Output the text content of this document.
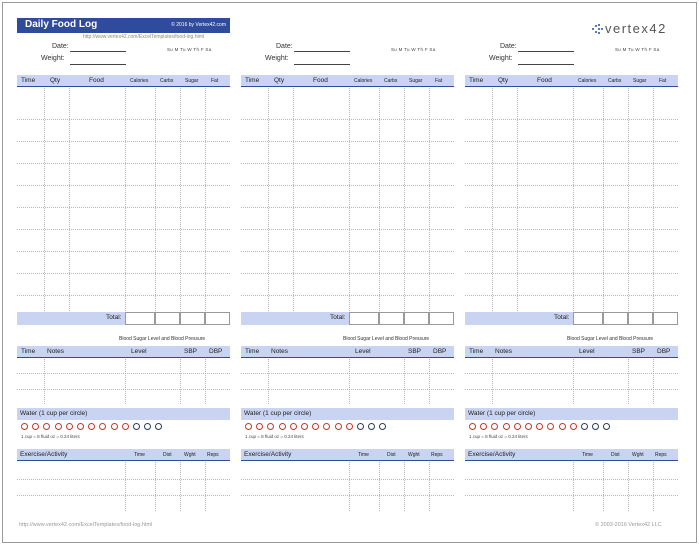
Daily Food Log	© 2016 by Vertex42.com
http://www.vertex42.com/ExcelTemplates/food-log.html
vertex42
Date:
Weight:
Su M Tu W Th F Sa
Time Qty	Food	Calories Carbs Sugar	Fat
Total:
Blood Sugar Level and Blood Pressure
Time Notes	Level	SBP DBP
Water (1 cup per circle)
1 cup = 8 fluid oz = 0.24 liters
Exercise/Activity	Time	Dist Wght Reps
Date:
Weight:
Su M Tu W Th F Sa
Time Qty	Food	Calories Carbs Sugar	Fat
Total:
Blood Sugar Level and Blood Pressure
Time Notes	Level	SBP DBP
Water (1 cup per circle)
1 cup = 8 fluid oz = 0.24 liters
Exercise/Activity	Time	Dist Wght Reps
Date:
Weight:
Su M Tu W Th F Sa
Time Qty	Food	Calories Carbs Sugar	Fat
Total:
Blood Sugar Level and Blood Pressure
Time Notes	Level	SBP DBP
Water (1 cup per circle)
1 cup = 8 fluid oz = 0.24 liters
Exercise/Activity	Time	Dist Wght Reps
http://www.vertex42.com/ExcelTemplates/food-log.html	© 2003-2016 Vertex42 LLC
